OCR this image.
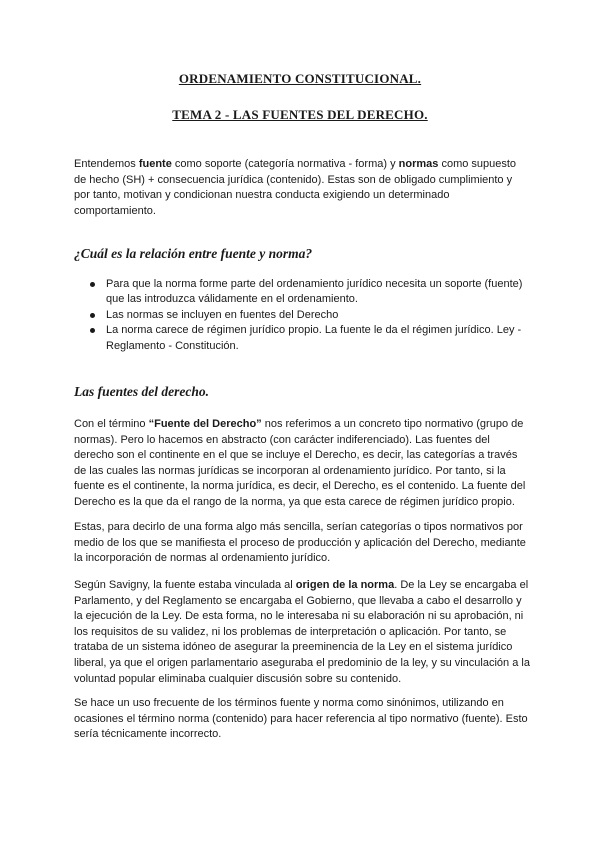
ORDENAMIENTO CONSTITUCIONAL.
TEMA 2 - LAS FUENTES DEL DERECHO.

Entendemos fuente como soporte (categoría normativa - forma) y normas como supuesto de hecho (SH) + consecuencia jurídica (contenido). Estas son de obligado cumplimiento y por tanto, motivan y condicionan nuestra conducta exigiendo un determinado comportamiento.

¿Cuál es la relación entre fuente y norma?
Para que la norma forme parte del ordenamiento jurídico necesita un soporte (fuente) que las introduzca válidamente en el ordenamiento.
Las normas se incluyen en fuentes del Derecho
La norma carece de régimen jurídico propio. La fuente le da el régimen jurídico. Ley - Reglamento - Constitución.
Las fuentes del derecho.

Con el término “Fuente del Derecho” nos referimos a un concreto tipo normativo (grupo de normas). Pero lo hacemos en abstracto (con carácter indiferenciado). Las fuentes del derecho son el continente en el que se incluye el Derecho, es decir, las categorías a través de las cuales las normas jurídicas se incorporan al ordenamiento jurídico. Por tanto, si la fuente es el continente, la norma jurídica, es decir, el Derecho, es el contenido. La fuente del Derecho es la que da el rango de la norma, ya que esta carece de régimen jurídico propio.

Estas, para decirlo de una forma algo más sencilla, serían categorías o tipos normativos por medio de los que se manifiesta el proceso de producción y aplicación del Derecho, mediante la incorporación de normas al ordenamiento jurídico.

Según Savigny, la fuente estaba vinculada al origen de la norma. De la Ley se encargaba el Parlamento, y del Reglamento se encargaba el Gobierno, que llevaba a cabo el desarrollo y la ejecución de la Ley. De esta forma, no le interesaba ni su elaboración ni su aprobación, ni los requisitos de su validez, ni los problemas de interpretación o aplicación. Por tanto, se trataba de un sistema idóneo de asegurar la preeminencia de la Ley en el sistema jurídico liberal, ya que el origen parlamentario aseguraba el predominio de la ley, y su vinculación a la voluntad popular eliminaba cualquier discusión sobre su contenido.

Se hace un uso frecuente de los términos fuente y norma como sinónimos, utilizando en ocasiones el término norma (contenido) para hacer referencia al tipo normativo (fuente). Esto sería técnicamente incorrecto.
